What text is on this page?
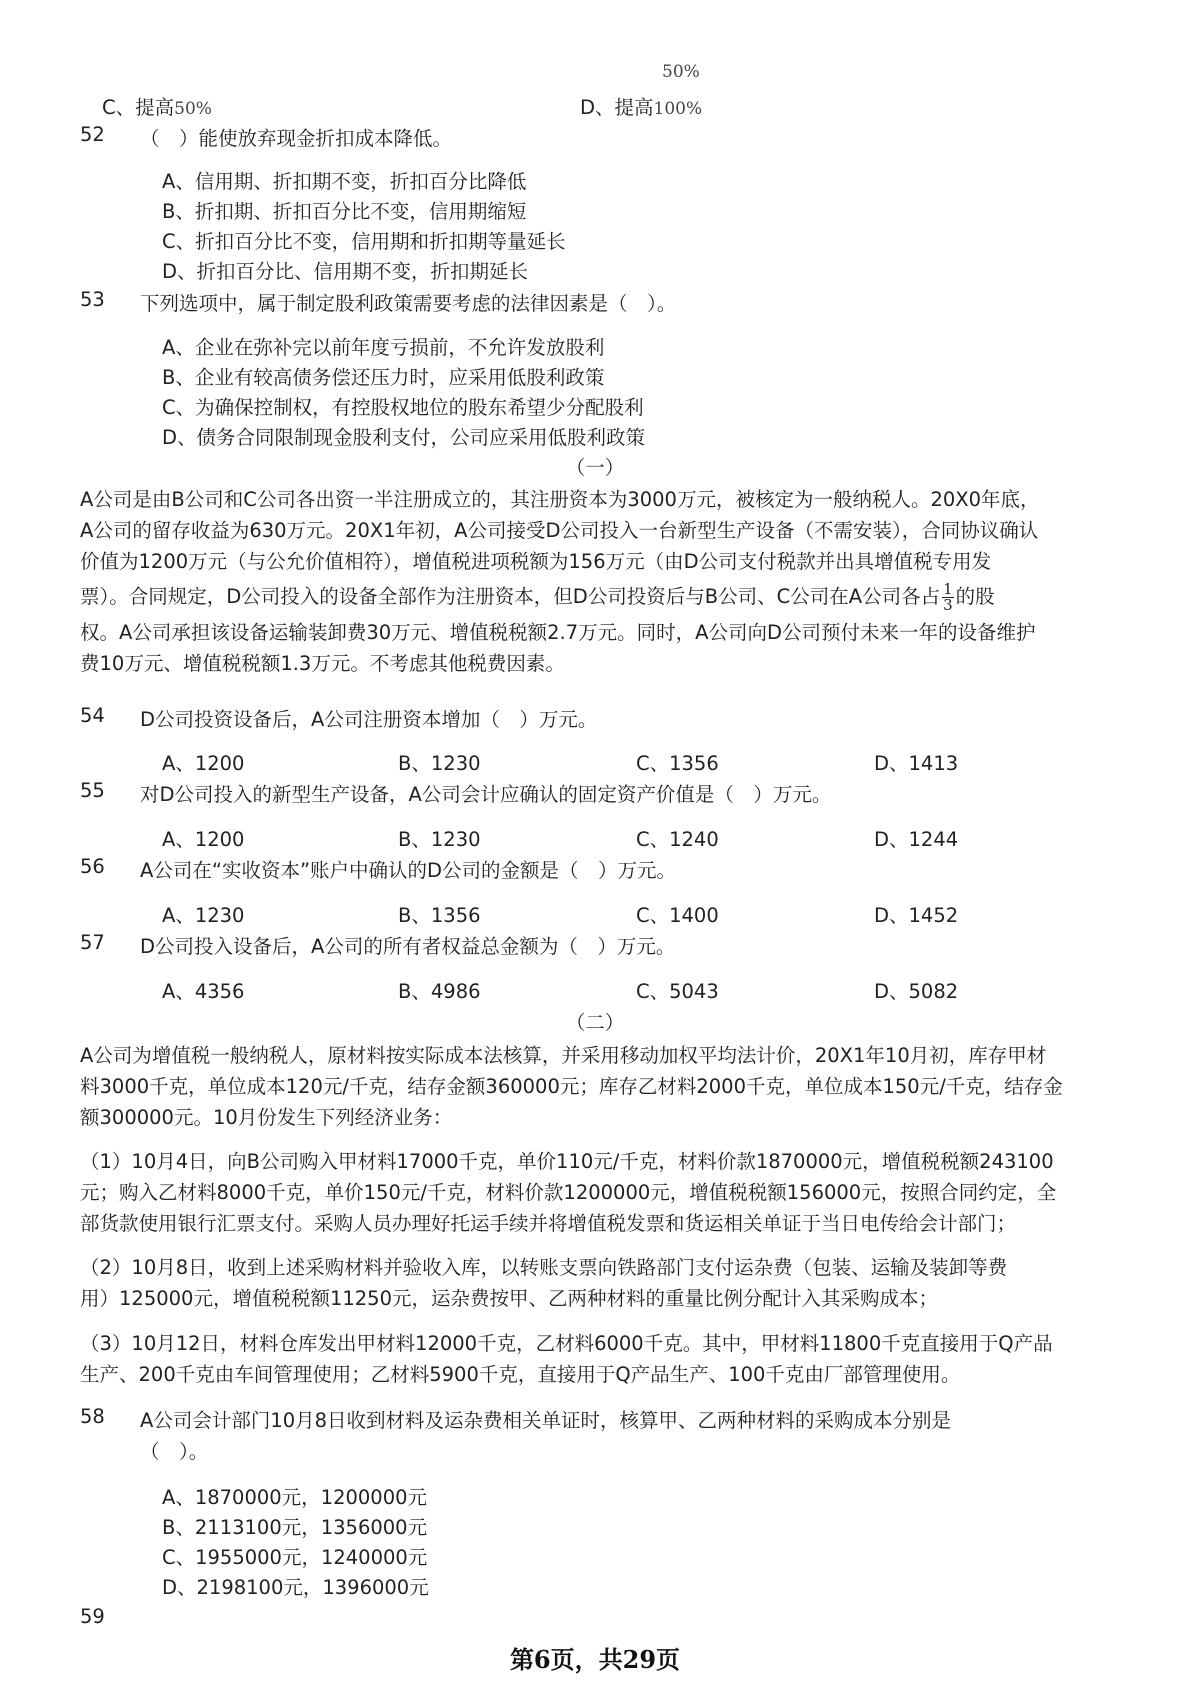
50%
C、提高50%	D、提高100%
52 （　）能使放弃现金折扣成本降低。
A、信用期、折扣期不变，折扣百分比降低
B、折扣期、折扣百分比不变，信用期缩短
C、折扣百分比不变，信用期和折扣期等量延长
D、折扣百分比、信用期不变，折扣期延长
53 下列选项中，属于制定股利政策需要考虑的法律因素是（　）。
A、企业在弥补完以前年度亏损前，不允许发放股利
B、企业有较高债务偿还压力时，应采用低股利政策
C、为确保控制权，有控股权地位的股东希望少分配股利
D、债务合同限制现金股利支付，公司应采用低股利政策
（一）

A公司是由B公司和C公司各出资一半注册成立的，其注册资本为3000万元，被核定为一般纳税人。20X0年底，

A公司的留存收益为630万元。20X1年初，A公司接受D公司投入一台新型生产设备（不需安装），合同协议确认

价值为1200万元（与公允价值相符），增值税进项税额为156万元（由D公司支付税款并出具增值税专用发

票）。合同规定，D公司投入的设备全部作为注册资本，但D公司投资后与B公司、C公司在A公司各占 $\frac{1}{3}$ 的股

权。A公司承担该设备运输装卸费30万元、增值税税额2.7万元。同时，A公司向D公司预付未来一年的设备维护

费10万元、增值税税额1.3万元。不考虑其他税费因素。

54 D公司投资设备后，A公司注册资本增加（　）万元。
A、1200	B、1230	C、1356	D、1413
55 对D公司投入的新型生产设备，A公司会计应确认的固定资产价值是（　）万元。
A、1200	B、1230	C、1240	D、1244
56 A公司在“实收资本”账户中确认的D公司的金额是（　）万元。
A、1230	B、1356	C、1400	D、1452
57 D公司投入设备后，A公司的所有者权益总金额为（　）万元。
A、4356	B、4986	C、5043	D、5082
（二）

A公司为增值税一般纳税人，原材料按实际成本法核算，并采用移动加权平均法计价，20X1年10月初，库存甲材

料3000千克，单位成本120元/千克，结存金额360000元；库存乙材料2000千克，单位成本150元/千克，结存金

额300000元。10月份发生下列经济业务：

（1）10月4日，向B公司购入甲材料17000千克，单价110元/千克，材料价款1870000元，增值税税额243100

元；购入乙材料8000千克，单价150元/千克，材料价款1200000元，增值税税额156000元，按照合同约定，全

部货款使用银行汇票支付。采购人员办理好托运手续并将增值税发票和货运相关单证于当日电传给会计部门；

（2）10月8日，收到上述采购材料并验收入库，以转账支票向铁路部门支付运杂费（包装、运输及装卸等费

用）125000元，增值税税额11250元，运杂费按甲、乙两种材料的重量比例分配计入其采购成本；

（3）10月12日，材料仓库发出甲材料12000千克，乙材料6000千克。其中，甲材料11800千克直接用于Q产品

生产、200千克由车间管理使用；乙材料5900千克，直接用于Q产品生产、100千克由厂部管理使用。

58 A公司会计部门10月8日收到材料及运杂费相关单证时，核算甲、乙两种材料的采购成本分别是
（　）。
A、1870000元，1200000元
B、2113100元，1356000元
C、1955000元，1240000元
D、2198100元，1396000元
59
第6页，共29页
